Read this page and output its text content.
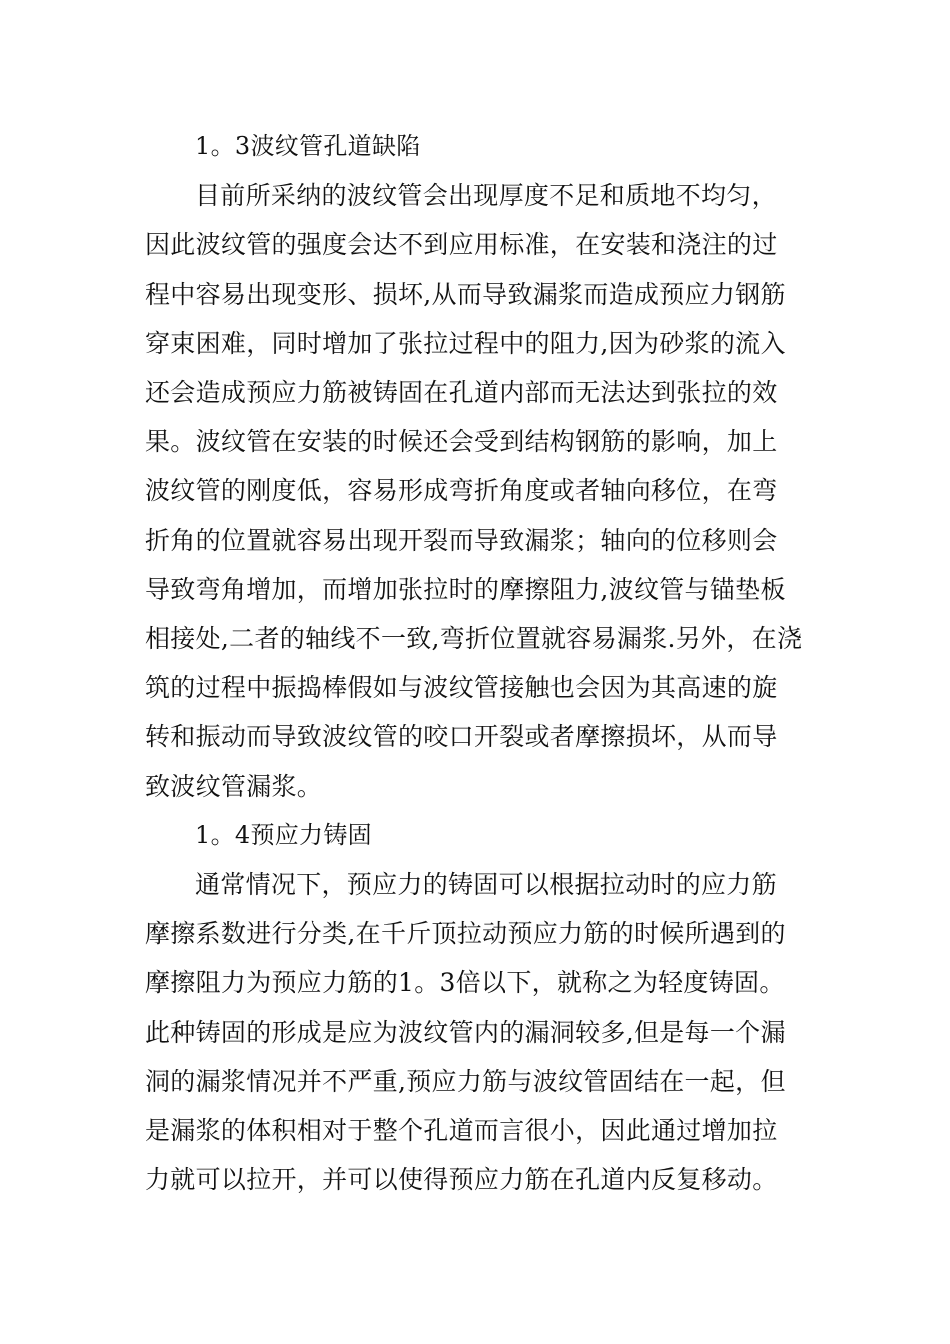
1。3波纹管孔道缺陷

目前所采纳的波纹管会出现厚度不足和质地不均匀，
因此波纹管的强度会达不到应用标准，在安装和浇注的过
程中容易出现变形、损坏,从而导致漏浆而造成预应力钢筋
穿束困难，同时增加了张拉过程中的阻力,因为砂浆的流入
还会造成预应力筋被铸固在孔道内部而无法达到张拉的效
果。波纹管在安装的时候还会受到结构钢筋的影响，加上
波纹管的刚度低，容易形成弯折角度或者轴向移位，在弯
折角的位置就容易出现开裂而导致漏浆；轴向的位移则会
导致弯角增加，而增加张拉时的摩擦阻力,波纹管与锚垫板
相接处,二者的轴线不一致,弯折位置就容易漏浆.另外，在浇
筑的过程中振捣棒假如与波纹管接触也会因为其高速的旋
转和振动而导致波纹管的咬口开裂或者摩擦损坏，从而导
致波纹管漏浆。

1。4预应力铸固

通常情况下，预应力的铸固可以根据拉动时的应力筋
摩擦系数进行分类,在千斤顶拉动预应力筋的时候所遇到的
摩擦阻力为预应力筋的1。3倍以下，就称之为轻度铸固。
此种铸固的形成是应为波纹管内的漏洞较多,但是每一个漏
洞的漏浆情况并不严重,预应力筋与波纹管固结在一起，但
是漏浆的体积相对于整个孔道而言很小，因此通过增加拉
力就可以拉开，并可以使得预应力筋在孔道内反复移动。
